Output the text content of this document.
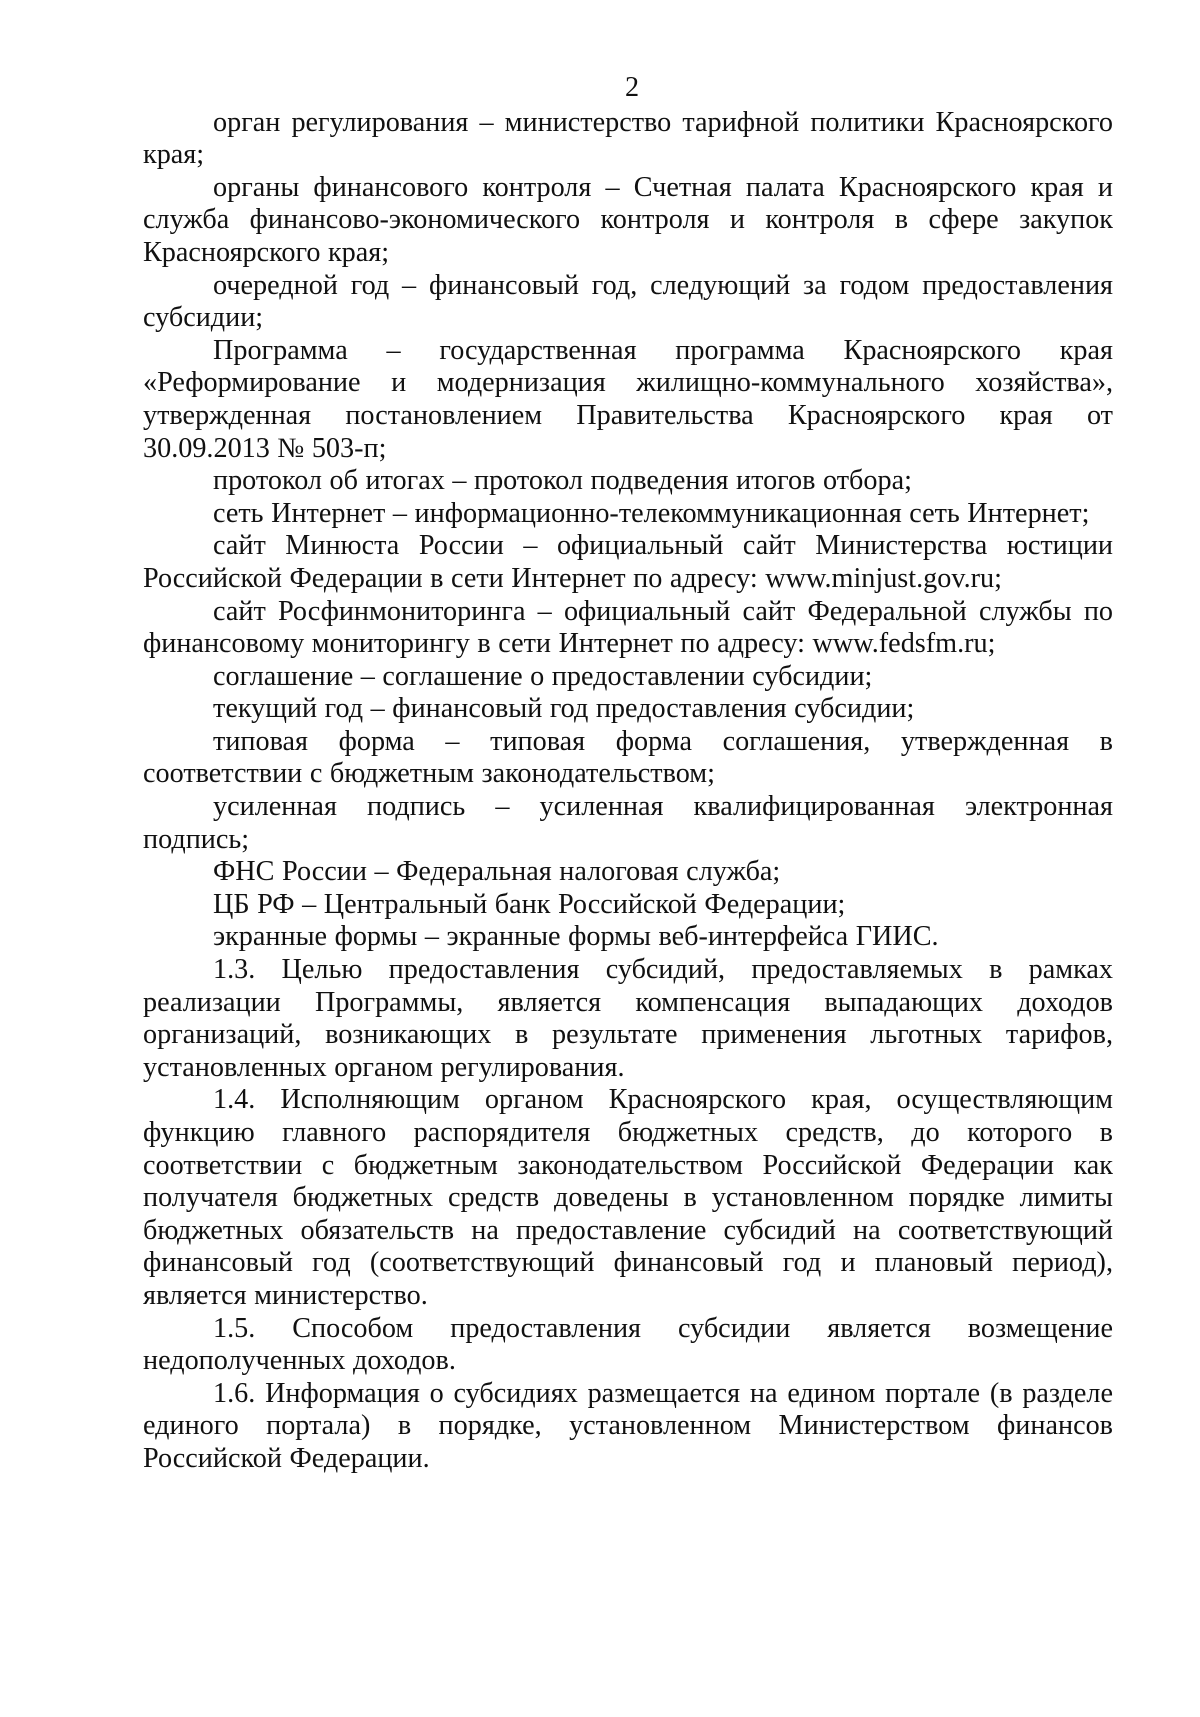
2

орган регулирования – министерство тарифной политики Красноярского края;

органы финансового контроля – Счетная палата Красноярского края и служба финансово-экономического контроля и контроля в сфере закупок Красноярского края;

очередной год – финансовый год, следующий за годом предоставления субсидии;

Программа – государственная программа Красноярского края «Реформирование и модернизация жилищно-коммунального хозяйства», утвержденная постановлением Правительства Красноярского края от 30.09.2013 № 503-п;

протокол об итогах – протокол подведения итогов отбора;

сеть Интернет – информационно-телекоммуникационная сеть Интернет;

сайт Минюста России – официальный сайт Министерства юстиции Российской Федерации в сети Интернет по адресу: www.minjust.gov.ru;

сайт Росфинмониторинга – официальный сайт Федеральной службы по финансовому мониторингу в сети Интернет по адресу: www.fedsfm.ru;

соглашение – соглашение о предоставлении субсидии;

текущий год – финансовый год предоставления субсидии;

типовая форма – типовая форма соглашения, утвержденная в соответствии с бюджетным законодательством;

усиленная подпись – усиленная квалифицированная электронная подпись;

ФНС России – Федеральная налоговая служба;

ЦБ РФ – Центральный банк Российской Федерации;

экранные формы – экранные формы веб-интерфейса ГИИС.

1.3. Целью предоставления субсидий, предоставляемых в рамках реализации Программы, является компенсация выпадающих доходов организаций, возникающих в результате применения льготных тарифов, установленных органом регулирования.

1.4. Исполняющим органом Красноярского края, осуществляющим функцию главного распорядителя бюджетных средств, до которого в соответствии с бюджетным законодательством Российской Федерации как получателя бюджетных средств доведены в установленном порядке лимиты бюджетных обязательств на предоставление субсидий на соответствующий финансовый год (соответствующий финансовый год и плановый период), является министерство.

1.5. Способом предоставления субсидии является возмещение недополученных доходов.

1.6. Информация о субсидиях размещается на едином портале (в разделе единого портала) в порядке, установленном Министерством финансов Российской Федерации.
